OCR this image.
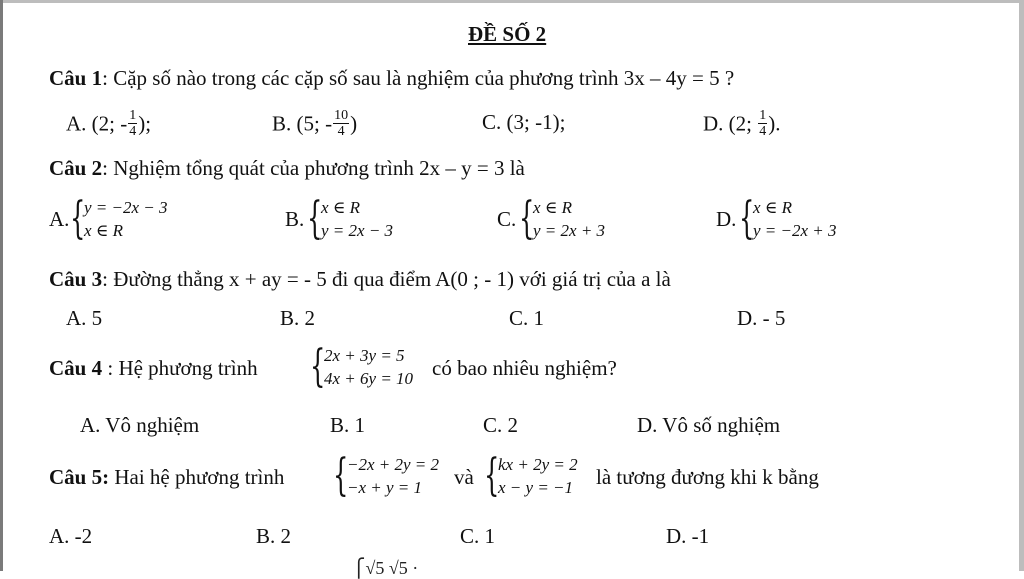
ĐỀ SỐ 2
Câu 1: Cặp số nào trong các cặp số sau là nghiệm của phương trình 3x – 4y = 5 ?
A. (2; - $\frac{1}{4}$ );	B. (5; - $\frac{10}{4}$ )	C. (3; -1);	D. (2; $\frac{1}{4}$ ).
Câu 2: Nghiệm tổng quát của phương trình 2x – y = 3 là
A. {
y = −2x − 3
x ∈ R	B. {
x ∈ R
y = 2x − 3	C. {
x ∈ R
y = 2x + 3	D. {
x ∈ R
y = −2x + 3
Câu 3: Đường thẳng x + ay = - 5 đi qua điểm A(0 ; - 1) với giá trị của a là
A. 5	B. 2	C. 1	D. - 5
Câu 4 : Hệ phương trình {
2x + 3y = 5
4x + 6y = 10 có bao nhiêu nghiệm?
A. Vô nghiệm	B. 1	C. 2	D. Vô số nghiệm
Câu 5: Hai hệ phương trình {
−2x + 2y = 2
−x + y = 1	và {
kx + 2y = 2
x − y = −1 là tương đương khi k bằng
A. -2	B. 2	C. 1	D. -1
⎧√5 √5 ·
